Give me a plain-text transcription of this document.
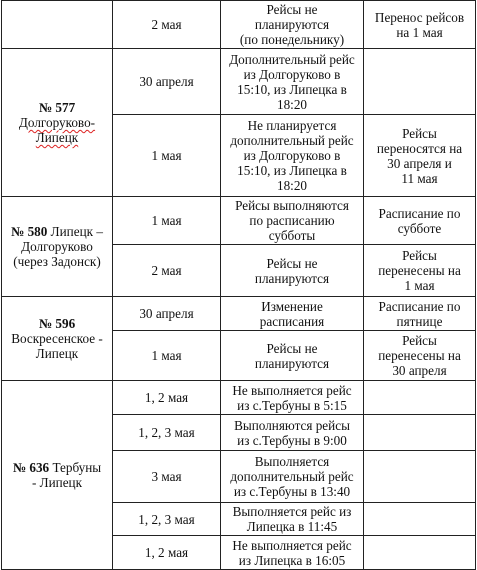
	2 мая	Рейсы не
планируются
(по понедельнику)	Перенос рейсов
на 1 мая

№ 577
Долгоруково-
Липецк	30 апреля	Дополнительный рейс
из Долгоруково в
15:10, из Липецка в
18:20	

	1 мая	Не планируется
дополнительный рейс
из Долгоруково в
15:10, из Липецка в
18:20	Рейсы
переносятся на
30 апреля и
11 мая

№ 580 Липецк –
Долгоруково
(через Задонск)	1 мая	Рейсы выполняются
по расписанию
субботы	Расписание по
субботе

	2 мая	Рейсы не
планируются	Рейсы
перенесены на
1 мая

№ 596
Воскресенское -
Липецк	30 апреля	Изменение
расписания	Расписание по
пятнице

	1 мая	Рейсы не
планируются	Рейсы
перенесены на
30 апреля

№ 636 Тербуны
- Липецк	1, 2 мая	Не выполняется рейс
из с.Тербуны в 5:15	

	1, 2, 3 мая	Выполняются рейсы
из с.Тербуны в 9:00	

	3 мая	Выполняется
дополнительный рейс
из с.Тербуны в 13:40	

	1, 2, 3 мая	Выполняется рейс из
Липецка в 11:45	

	1, 2 мая	Не выполняется рейс
из Липецка в 16:05	
